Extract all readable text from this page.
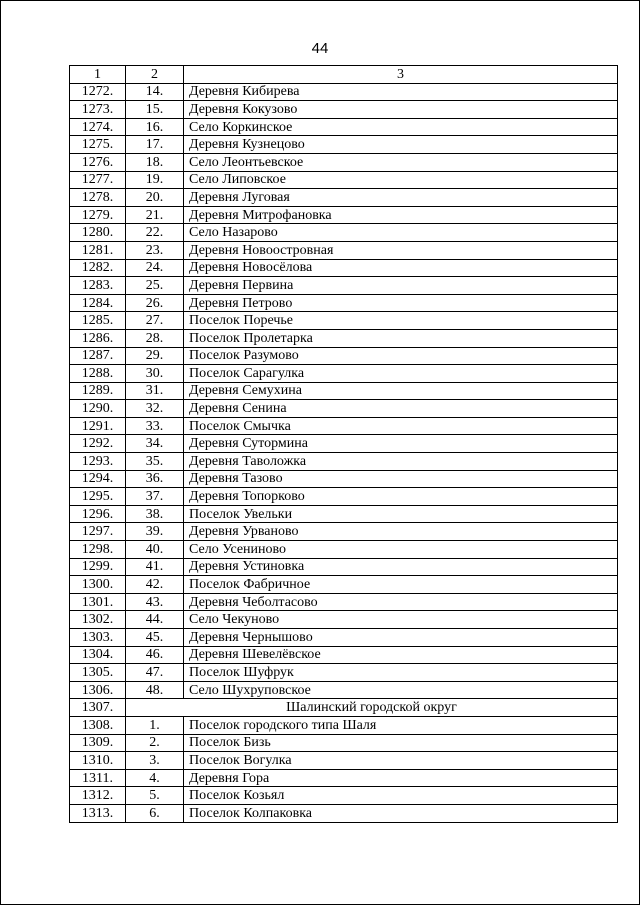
44
1	2	3
1272.	14.	Деревня Кибирева
1273.	15.	Деревня Кокузово
1274.	16.	Село Коркинское
1275.	17.	Деревня Кузнецово
1276.	18.	Село Леонтьевское
1277.	19.	Село Липовское
1278.	20.	Деревня Луговая
1279.	21.	Деревня Митрофановка
1280.	22.	Село Назарово
1281.	23.	Деревня Новоостровная
1282.	24.	Деревня Новосёлова
1283.	25.	Деревня Первина
1284.	26.	Деревня Петрово
1285.	27.	Поселок Поречье
1286.	28.	Поселок Пролетарка
1287.	29.	Поселок Разумово
1288.	30.	Поселок Сарагулка
1289.	31.	Деревня Семухина
1290.	32.	Деревня Сенина
1291.	33.	Поселок Смычка
1292.	34.	Деревня Сутормина
1293.	35.	Деревня Таволожка
1294.	36.	Деревня Тазово
1295.	37.	Деревня Топорково
1296.	38.	Поселок Увельки
1297.	39.	Деревня Урваново
1298.	40.	Село Усениново
1299.	41.	Деревня Устиновка
1300.	42.	Поселок Фабричное
1301.	43.	Деревня Чеболтасово
1302.	44.	Село Чекуново
1303.	45.	Деревня Чернышово
1304.	46.	Деревня Шевелёвское
1305.	47.	Поселок Шуфрук
1306.	48.	Село Шухруповское
1307.	Шалинский городской округ	
1308.	1.	Поселок городского типа Шаля
1309.	2.	Поселок Бизь
1310.	3.	Поселок Вогулка
1311.	4.	Деревня Гора
1312.	5.	Поселок Козьял
1313.	6.	Поселок Колпаковка
